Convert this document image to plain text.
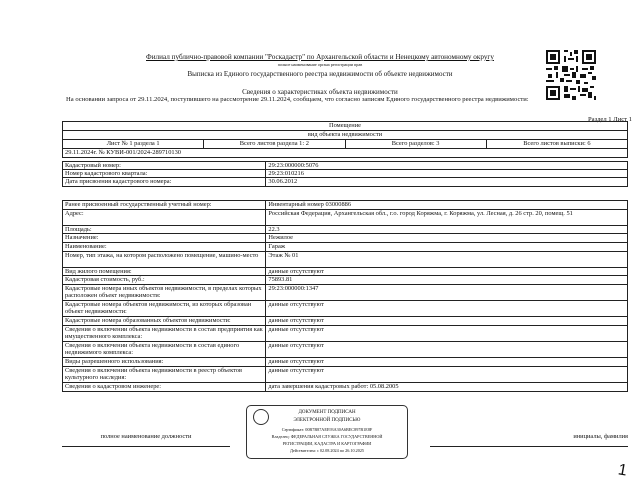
Филиал публично-правовой компании "Роскадастр" по Архангельской области и Ненецкому автономному округу
полное наименование органа регистрации прав
Выписка из Единого государственного реестра недвижимости об объекте недвижимости
Сведения о характеристиках объекта недвижимости
На основании запроса от 29.11.2024, поступившего на рассмотрение 29.11.2024, сообщаем, что согласно записям Единого государственного реестра недвижимости:
Раздел 1 Лист 1
Помещение
вид объекта недвижимости
Лист № 1 раздела 1	Всего листов раздела 1: 2	Всего разделов: 3	Всего листов выписки: 6
29.11.2024г. № КУВИ-001/2024-289710130
Кадастровый номер:	29:23:000000:5076
Номер кадастрового квартала:	29:23:010216
Дата присвоения кадастрового номера:	30.06.2012
Ранее присвоенный государственный учетный номер:	Инвентарный номер 03000886
Адрес:	Российская Федерация, Архангельская обл., г.о. город Коряжма, г. Коряжма, ул. Лесная, д. 26 стр. 20, помещ. 51
Площадь:	22.3
Назначение:	Нежилое
Наименование:	Гараж
Номер, тип этажа, на котором расположено помещение, машино-место	Этаж № 01
Вид жилого помещения:	данные отсутствуют
Кадастровая стоимость, руб.:	75893.81
Кадастровые номера иных объектов недвижимости, в пределах которых расположен объект недвижимости:	29:23:000000:1347
Кадастровые номера объектов недвижимости, из которых образован объект недвижимости:	данные отсутствуют
Кадастровые номера образованных объектов недвижимости:	данные отсутствуют
Сведения о включении объекта недвижимости в состав предприятия как имущественного комплекса:	данные отсутствуют
Сведения о включении объекта недвижимости в состав единого недвижимого комплекса:	данные отсутствуют
Виды разрешенного использования:	данные отсутствуют
Сведения о включении объекта недвижимости в реестр объектов культурного наследия:	данные отсутствуют
Сведения о кадастровом инженере:	дата завершения кадастровых работ: 05.08.2005
полное наименование должности
ДОКУМЕНТ ПОДПИСАН
ЭЛЕКТРОННОЙ ПОДПИСЬЮ
Сертификат: 00B7B87AEE93A30A6BEC897B1E8F
Владелец: ФЕДЕРАЛЬНАЯ СЛУЖБА ГОСУДАРСТВЕННОЙ
РЕГИСТРАЦИИ, КАДАСТРА И КАРТОГРАФИИ
Действителен: с 02.08.2024 по 26.10.2025
инициалы, фамилия
1
